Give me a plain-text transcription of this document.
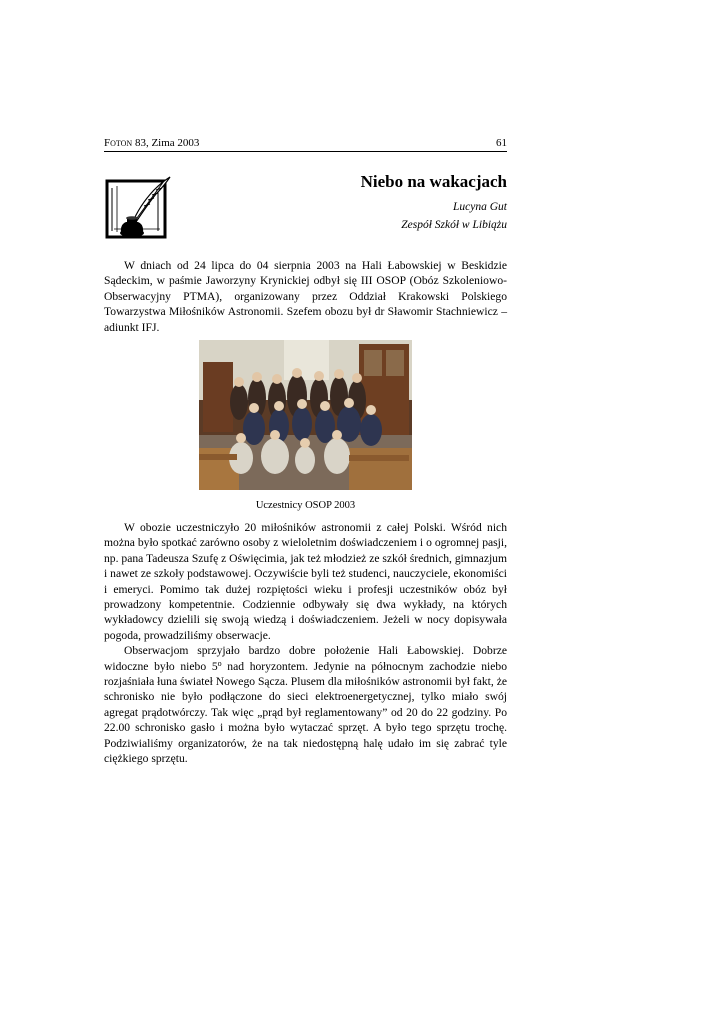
Foton 83, Zima 2003	61
Niebo na wakacjach
Lucyna Gut
Zespół Szkół w Libiążu

W dniach od 24 lipca do 04 sierpnia 2003 na Hali Łabowskiej w Beskidzie Sądeckim, w paśmie Jaworzyny Krynickiej odbył się III OSOP (Obóz Szkoleniowo-Obserwacyjny PTMA), organizowany przez Oddział Krakowski Polskiego Towarzystwa Miłośników Astronomii. Szefem obozu był dr Sławomir Stachniewicz – adiunkt IFJ.

Uczestnicy OSOP 2003

W obozie uczestniczyło 20 miłośników astronomii z całej Polski. Wśród nich można było spotkać zarówno osoby z wieloletnim doświadczeniem i o ogromnej pasji, np. pana Tadeusza Szufę z Oświęcimia, jak też młodzież ze szkół średnich, gimnazjum i nawet ze szkoły podstawowej. Oczywiście byli też studenci, nauczyciele, ekonomiści i emeryci. Pomimo tak dużej rozpiętości wieku i profesji uczestników obóz był prowadzony kompetentnie. Codziennie odbywały się dwa wykłady, na których wykładowcy dzielili się swoją wiedzą i doświadczeniem. Jeżeli w nocy dopisywała pogoda, prowadziliśmy obserwacje.

Obserwacjom sprzyjało bardzo dobre położenie Hali Łabowskiej. Dobrze widoczne było niebo 5$^o$ nad horyzontem. Jedynie na północnym zachodzie niebo rozjaśniała łuna świateł Nowego Sącza. Plusem dla miłośników astronomii był fakt, że schronisko nie było podłączone do sieci elektroenergetycznej, tylko miało swój agregat prądotwórczy. Tak więc „prąd był reglamentowany” od 20 do 22 godziny. Po 22.00 schronisko gasło i można było wytaczać sprzęt. A było tego sprzętu trochę. Podziwialiśmy organizatorów, że na tak niedostępną halę udało im się zabrać tyle ciężkiego sprzętu.
